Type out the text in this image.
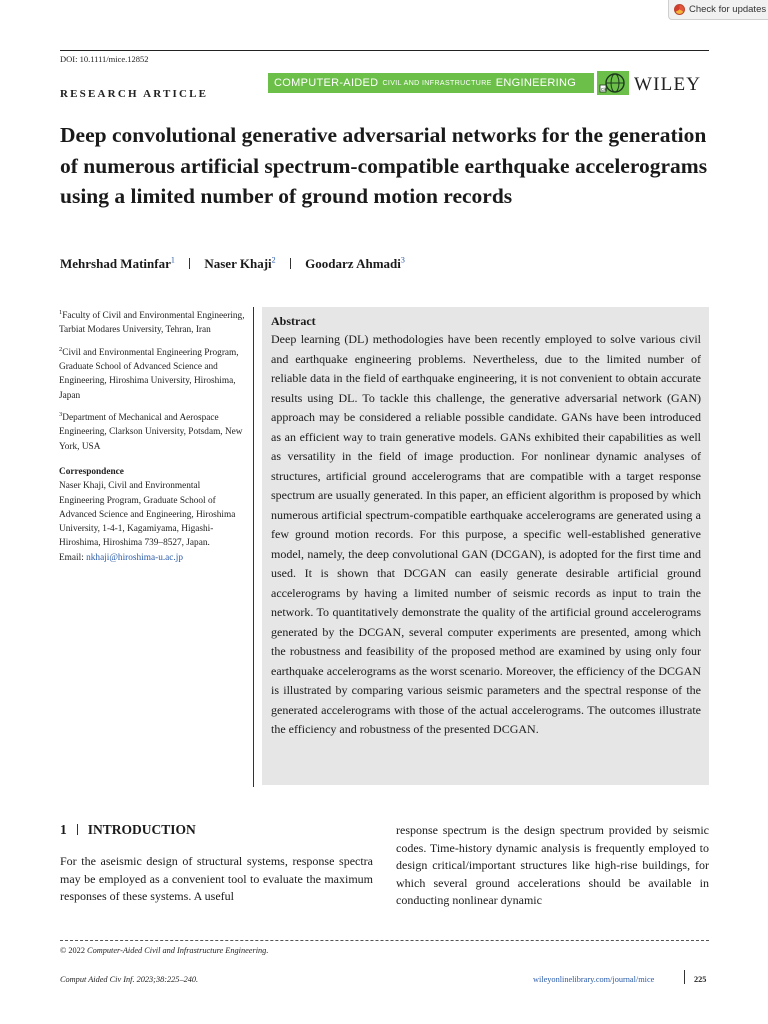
Check for updates
DOI: 10.1111/mice.12852
RESEARCH ARTICLE
COMPUTER-AIDED CIVIL AND INFRASTRUCTURE ENGINEERING
cie WILEY
Deep convolutional generative adversarial networks for the generation of numerous artificial spectrum-compatible earthquake accelerograms using a limited number of ground motion records
Mehrshad Matinfar$^1$ Naser Khaji$^2$ Goodarz Ahmadi$^3$

$^1$Faculty of Civil and Environmental Engineering, Tarbiat Modares University, Tehran, Iran

$^2$Civil and Environmental Engineering Program, Graduate School of Advanced Science and Engineering, Hiroshima University, Hiroshima, Japan

$^3$Department of Mechanical and Aerospace Engineering, Clarkson University, Potsdam, New York, USA

Correspondence

Naser Khaji, Civil and Environmental Engineering Program, Graduate School of Advanced Science and Engineering, Hiroshima University, 1-4-1, Kagamiyama, Higashi-Hiroshima, Hiroshima 739–8527, Japan.

Email: nkhaji@hiroshima-u.ac.jp

Abstract

Deep learning (DL) methodologies have been recently employed to solve various civil and earthquake engineering problems. Nevertheless, due to the limited number of reliable data in the field of earthquake engineering, it is not convenient to obtain accurate results using DL. To tackle this challenge, the generative adversarial network (GAN) approach may be considered a reliable possible candidate. GANs have been introduced as an efficient way to train generative models. GANs exhibited their capabilities as well as versatility in the field of image production. For nonlinear dynamic analyses of structures, artificial ground accelerograms that are compatible with a target response spectrum are usually generated. In this paper, an efficient algorithm is proposed by which numerous artificial spectrum-compatible earthquake accelerograms are generated using a few ground motion records. For this purpose, a specific well-established generative model, namely, the deep convolutional GAN (DCGAN), is adopted for the first time and used. It is shown that DCGAN can easily generate desirable artificial ground accelerograms by having a limited number of seismic records as input to train the network. To quantitatively demonstrate the quality of the artificial ground accelerograms generated by the DCGAN, several computer experiments are presented, among which the robustness and feasibility of the proposed method are examined by using only four earthquake accelerograms as the worst scenario. Moreover, the efficiency of the DCGAN is illustrated by comparing various seismic parameters and the spectral response of the generated accelerograms with those of the actual accelerograms. The outcomes illustrate the efficiency and robustness of the presented DCGAN.

1 INTRODUCTION

For the aseismic design of structural systems, response spectra may be employed as a convenient tool to evaluate the maximum responses of these systems. A useful

response spectrum is the design spectrum provided by seismic codes. Time-history dynamic analysis is frequently employed to design critical/important structures like high-rise buildings, for which several ground accelerations should be available in conducting nonlinear dynamic

© 2022 Computer-Aided Civil and Infrastructure Engineering.
Comput Aided Civ Inf. 2023;38:225–240.	wileyonlinelibrary.com/journal/mice	225
